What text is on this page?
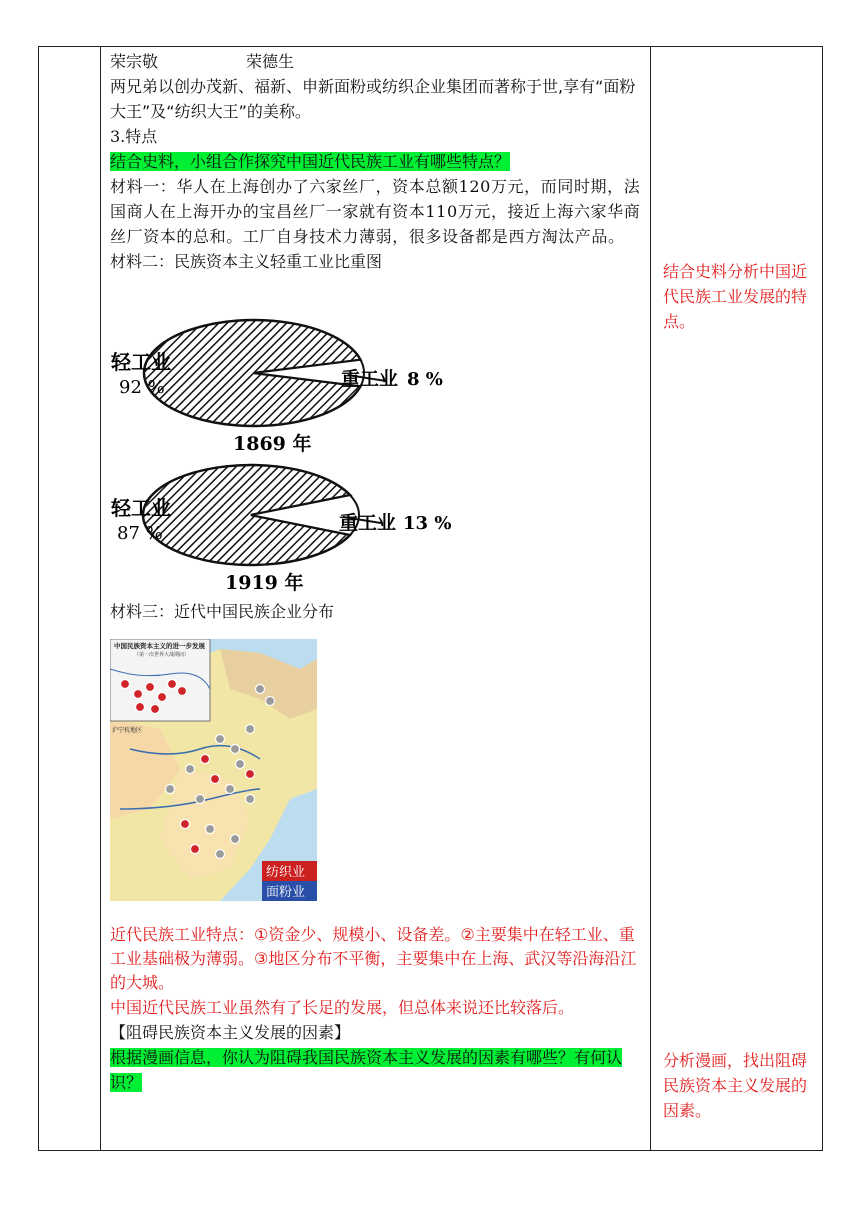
荣宗敬	荣德生

两兄弟以创办茂新、福新、申新面粉或纺织企业集团而著称于世,享有“面粉大王”及“纺织大王”的美称。

3.特点

结合史料，小组合作探究中国近代民族工业有哪些特点？

材料一：华人在上海创办了六家丝厂，资本总额120万元，而同时期，法国商人在上海开办的宝昌丝厂一家就有资本110万元，接近上海六家华商丝厂资本的总和。工厂自身技术力薄弱，很多设备都是西方淘汰产品。

材料二：民族资本主义轻重工业比重图

轻工业
92 %	重工业 8 %
1869 年
轻工业
87 %	重工业 13 %
1919 年

材料三：近代中国民族企业分布

中国民族资本主义的进一步发展
（第一次世界大战期间）
沪宁杭地区
纺织业
面粉业

近代民族工业特点：①资金少、规模小、设备差。②主要集中在轻工业、重工业基础极为薄弱。③地区分布不平衡，主要集中在上海、武汉等沿海沿江的大城。

中国近代民族工业虽然有了长足的发展，但总体来说还比较落后。

【阻碍民族资本主义发展的因素】

根据漫画信息，你认为阻碍我国民族资本主义发展的因素有哪些？有何认识？

结合史料分析中国近代民族工业发展的特点。
分析漫画，找出阻碍民族资本主义发展的因素。
